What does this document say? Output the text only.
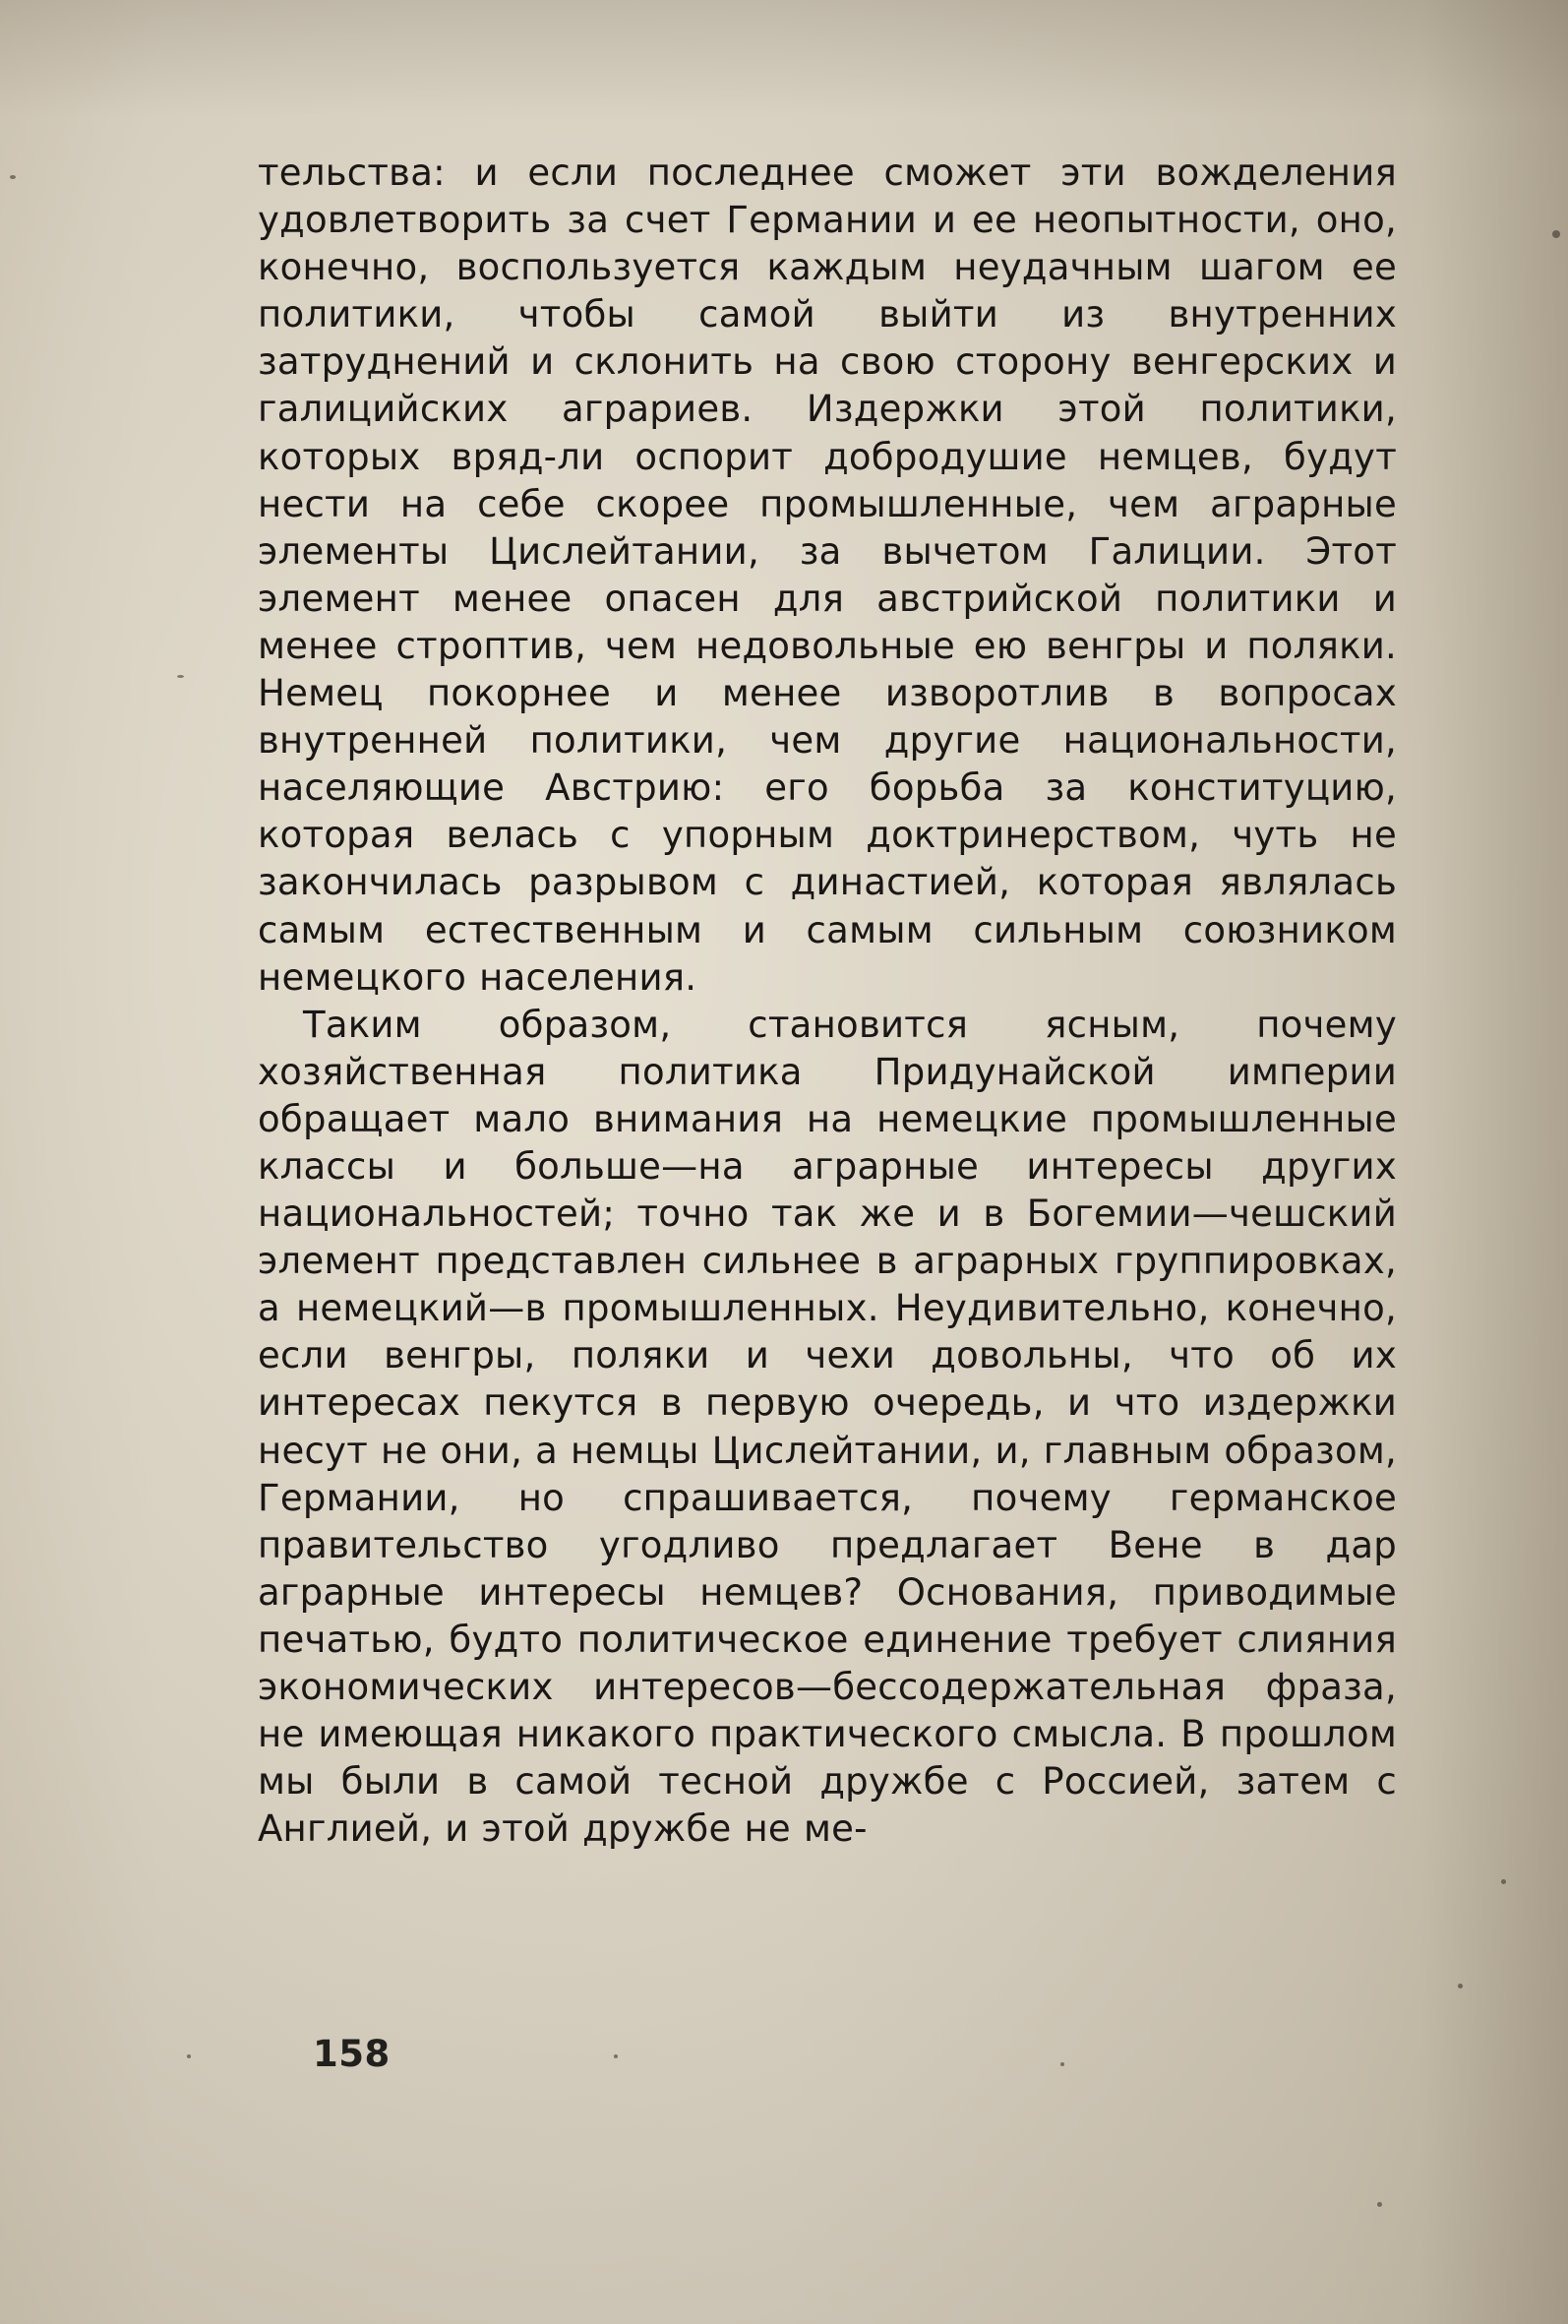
тельства: и если последнее сможет эти вожделения удовлетворить за счет Германии и ее неопытности, оно, конечно, воспользуется каждым неудачным шагом ее политики, чтобы самой выйти из внутренних затруднений и склонить на свою сторону венгерских и галицийских аграриев. Издержки этой политики, которых вряд-ли оспорит добродушие немцев, будут нести на себе скорее промышленные, чем аграрные элементы Цислейтании, за вычетом Галиции. Этот элемент менее опасен для австрийской политики и менее строптив, чем недовольные ею венгры и поляки. Немец покорнее и менее изворотлив в вопросах внутренней политики, чем другие национальности, населяющие Австрию: его борьба за конституцию, которая велась с упорным доктринерством, чуть не закончилась разрывом с династией, которая являлась самым естественным и самым сильным союзником немецкого населения.

Таким образом, становится ясным, почему хозяйственная политика Придунайской империи обращает мало внимания на немецкие промышленные классы и больше—на аграрные интересы других национальностей; точно так же и в Богемии—чешский элемент представлен сильнее в аграрных группировках, а немецкий—в промышленных. Неудивительно, конечно, если венгры, поляки и чехи довольны, что об их интересах пекутся в первую очередь, и что издержки несут не они, а немцы Цислейтании, и, главным образом, Германии, но спрашивается, почему германское правительство угодливо предлагает Вене в дар аграрные интересы немцев? Основания, приводимые печатью, будто политическое единение требует слияния экономических интересов—бессодержательная фраза, не имеющая никакого практического смысла. В прошлом мы были в самой тесной дружбе с Россией, затем с Англией, и этой дружбе не ме-

158
